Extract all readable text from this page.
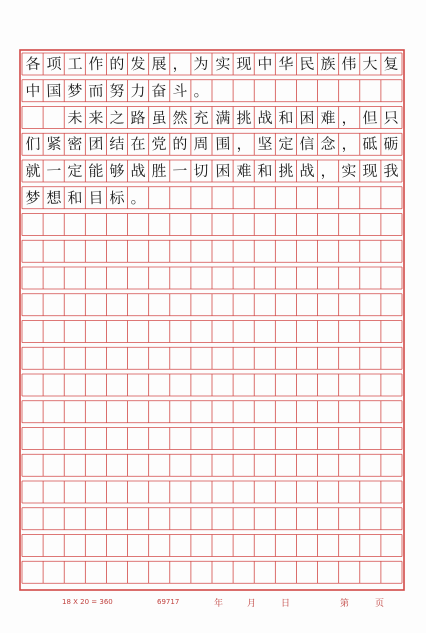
各 项 工 作 的 发 展 ， 为 实 现 中 华 民 族 伟 大 复
中 国 梦 而 努 力 奋 斗 。
未 来 之 路 虽 然 充 满 挑 战 和 困 难 ， 但 只
们 紧 密 团 结 在 党 的 周 围 ， 坚 定 信 念 ， 砥 砺
就 一 定 能 够 战 胜 一 切 困 难 和 挑 战 ， 实 现 我
梦 想 和 目 标 。
18 X 20 = 360	69717	年	月	日	第	页
